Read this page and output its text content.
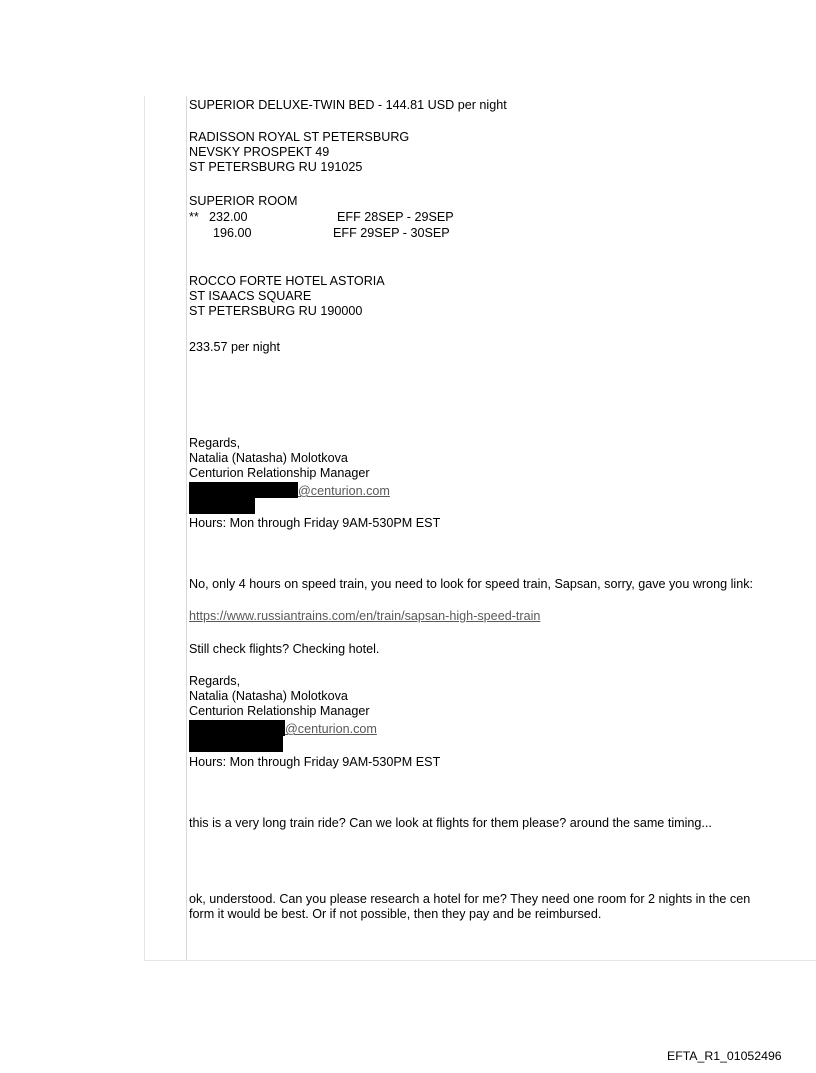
SUPERIOR DELUXE-TWIN BED - 144.81 USD per night

RADISSON ROYAL ST PETERSBURG
NEVSKY PROSPEKT 49
ST PETERSBURG RU 191025

SUPERIOR ROOM

** 232.00	EFF 28SEP - 29SEP
196.00	EFF 29SEP - 30SEP
ROCCO FORTE HOTEL ASTORIA
ST ISAACS SQUARE
ST PETERSBURG RU 190000

233.57 per night

Regards,
Natalia (Natasha) Molotkova
Centurion Relationship Manager
@centurion.com

Hours: Mon through Friday 9AM-530PM EST

No, only 4 hours on speed train, you need to look for speed train, Sapsan, sorry, gave you wrong link:

https://www.russiantrains.com/en/train/sapsan-high-speed-train

Still check flights? Checking hotel.

Regards,
Natalia (Natasha) Molotkova
Centurion Relationship Manager
@centurion.com

Hours: Mon through Friday 9AM-530PM EST

this is a very long train ride? Can we look at flights for them please? around the same timing...

ok, understood. Can you please research a hotel for me? They need one room for 2 nights in the cen
form it would be best. Or if not possible, then they pay and be reimbursed.
EFTA_R1_01052496
